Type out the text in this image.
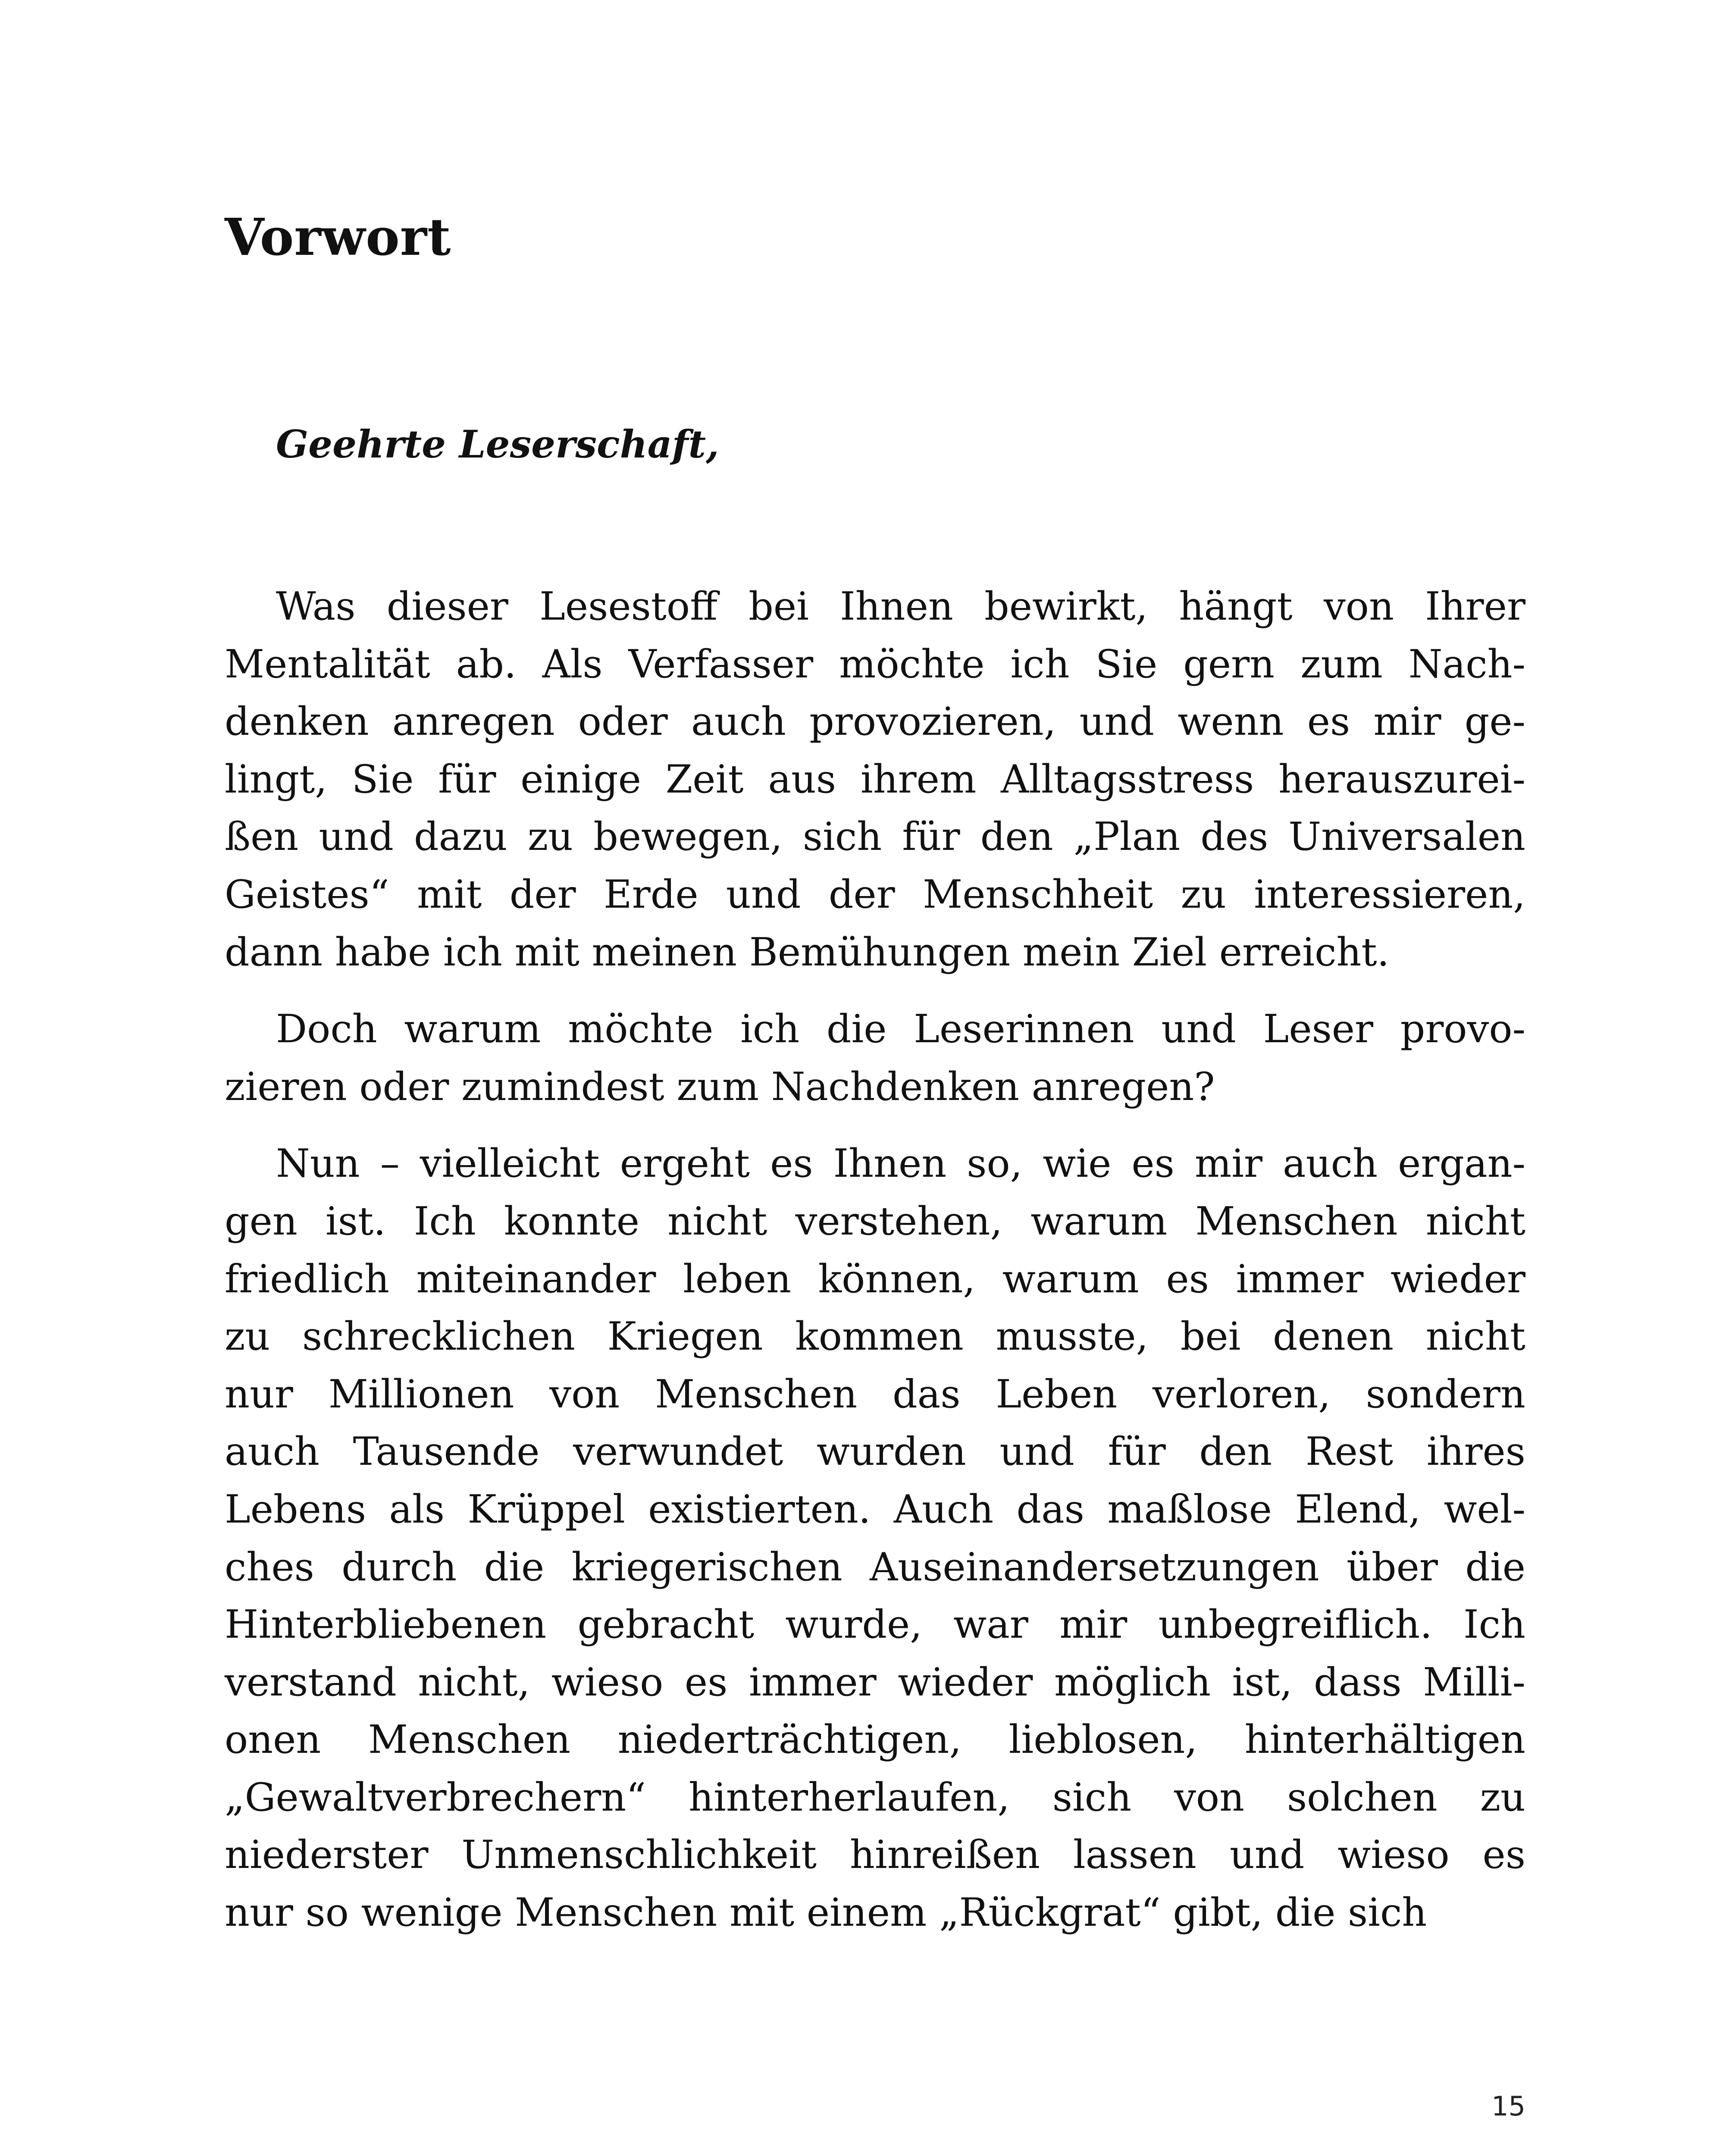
Vorwort
Geehrte Leserschaft,

Was dieser Lesestoff bei Ihnen bewirkt, hängt von Ihrer
Mentalität ab. Als Verfasser möchte ich Sie gern zum Nach-
denken anregen oder auch provozieren, und wenn es mir ge-
lingt, Sie für einige Zeit aus ihrem Alltagsstress herauszurei-
ßen und dazu zu bewegen, sich für den „Plan des Universalen
Geistes“ mit der Erde und der Menschheit zu interessieren,
dann habe ich mit meinen Bemühungen mein Ziel erreicht.

Doch warum möchte ich die Leserinnen und Leser provo-
zieren oder zumindest zum Nachdenken anregen?

Nun – vielleicht ergeht es Ihnen so, wie es mir auch ergan-
gen ist. Ich konnte nicht verstehen, warum Menschen nicht
friedlich miteinander leben können, warum es immer wieder
zu schrecklichen Kriegen kommen musste, bei denen nicht
nur Millionen von Menschen das Leben verloren, sondern
auch Tausende verwundet wurden und für den Rest ihres
Lebens als Krüppel existierten. Auch das maßlose Elend, wel-
ches durch die kriegerischen Auseinandersetzungen über die
Hinterbliebenen gebracht wurde, war mir unbegreiflich. Ich
verstand nicht, wieso es immer wieder möglich ist, dass Milli-
onen Menschen niederträchtigen, lieblosen, hinterhältigen
„Gewaltverbrechern“ hinterherlaufen, sich von solchen zu
niederster Unmenschlichkeit hinreißen lassen und wieso es
nur so wenige Menschen mit einem „Rückgrat“ gibt, die sich

15
